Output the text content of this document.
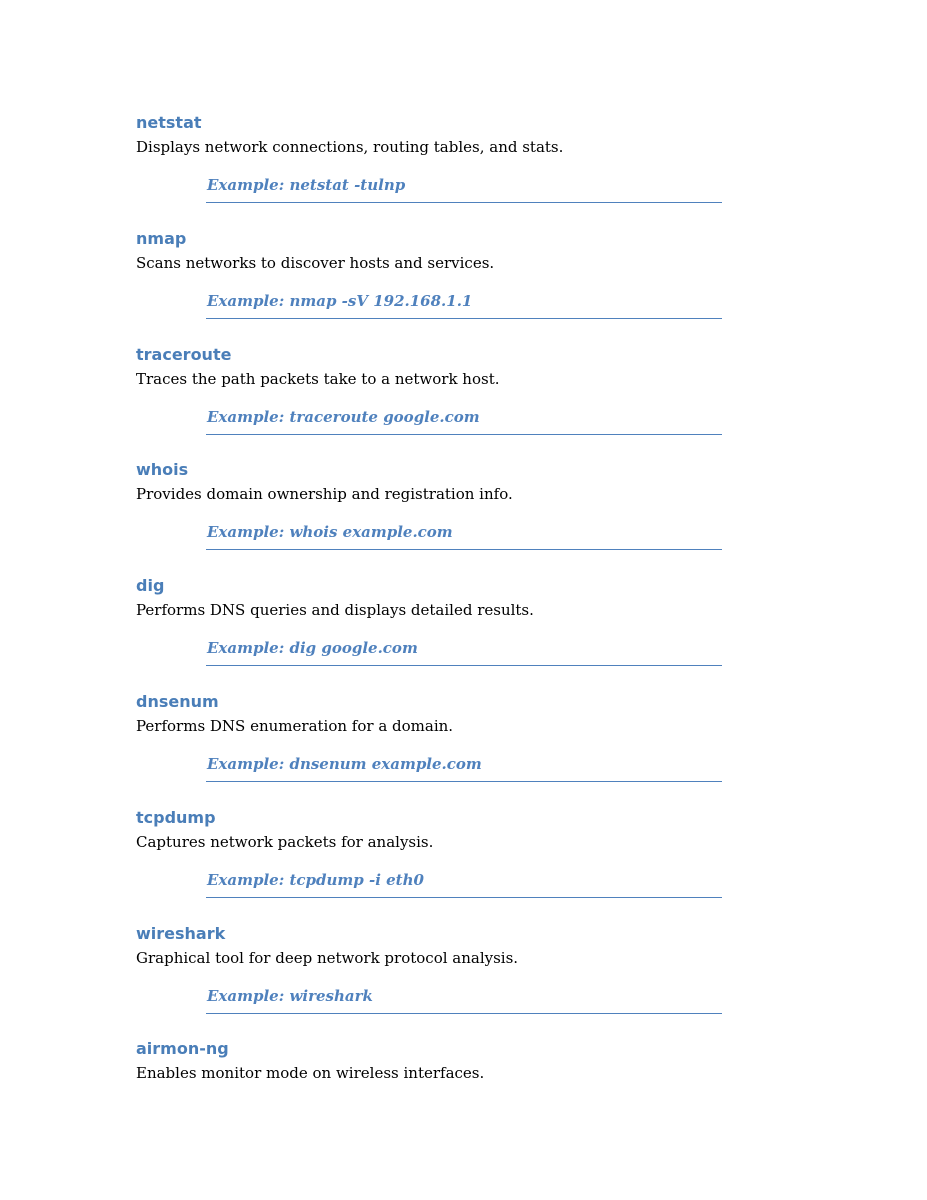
netstat
Displays network connections, routing tables, and stats.
Example: netstat -tulnp
nmap
Scans networks to discover hosts and services.
Example: nmap -sV 192.168.1.1
traceroute
Traces the path packets take to a network host.
Example: traceroute google.com
whois
Provides domain ownership and registration info.
Example: whois example.com
dig
Performs DNS queries and displays detailed results.
Example: dig google.com
dnsenum
Performs DNS enumeration for a domain.
Example: dnsenum example.com
tcpdump
Captures network packets for analysis.
Example: tcpdump -i eth0
wireshark
Graphical tool for deep network protocol analysis.
Example: wireshark
airmon-ng
Enables monitor mode on wireless interfaces.
